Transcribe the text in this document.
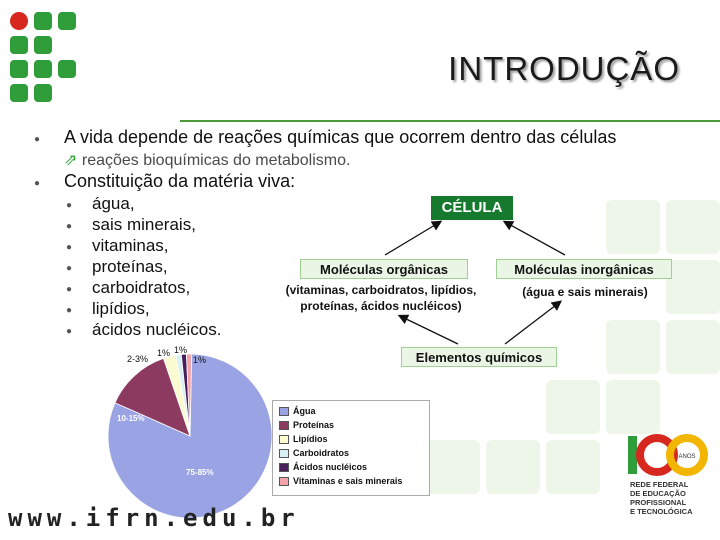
INTRODUÇÃO
● A vida depende de reações químicas que ocorrem dentro das células
⇗ reações bioquímicas do metabolismo.
● Constituição da matéria viva:
● água,
● sais minerais,
● vitaminas,
● proteínas,
● carboidratos,
● lipídios,
● ácidos nucléicos.
CÉLULA
Moléculas orgânicas	Moléculas inorgânicas
(vitaminas, carboidratos, lipídios,
proteínas, ácidos nucléicos)
(água e sais minerais)
Elementos químicos
10-15%
75-85%
2-3%
1% 1%
1%
Água
Proteínas
Lipídios
Carboidratos
Ácidos nucléicos
Vitaminas e sais minerais
www.ifrn.edu.br
ANOS
REDE FEDERAL
DE EDUCAÇÃO
PROFISSIONAL
E TECNOLÓGICA
